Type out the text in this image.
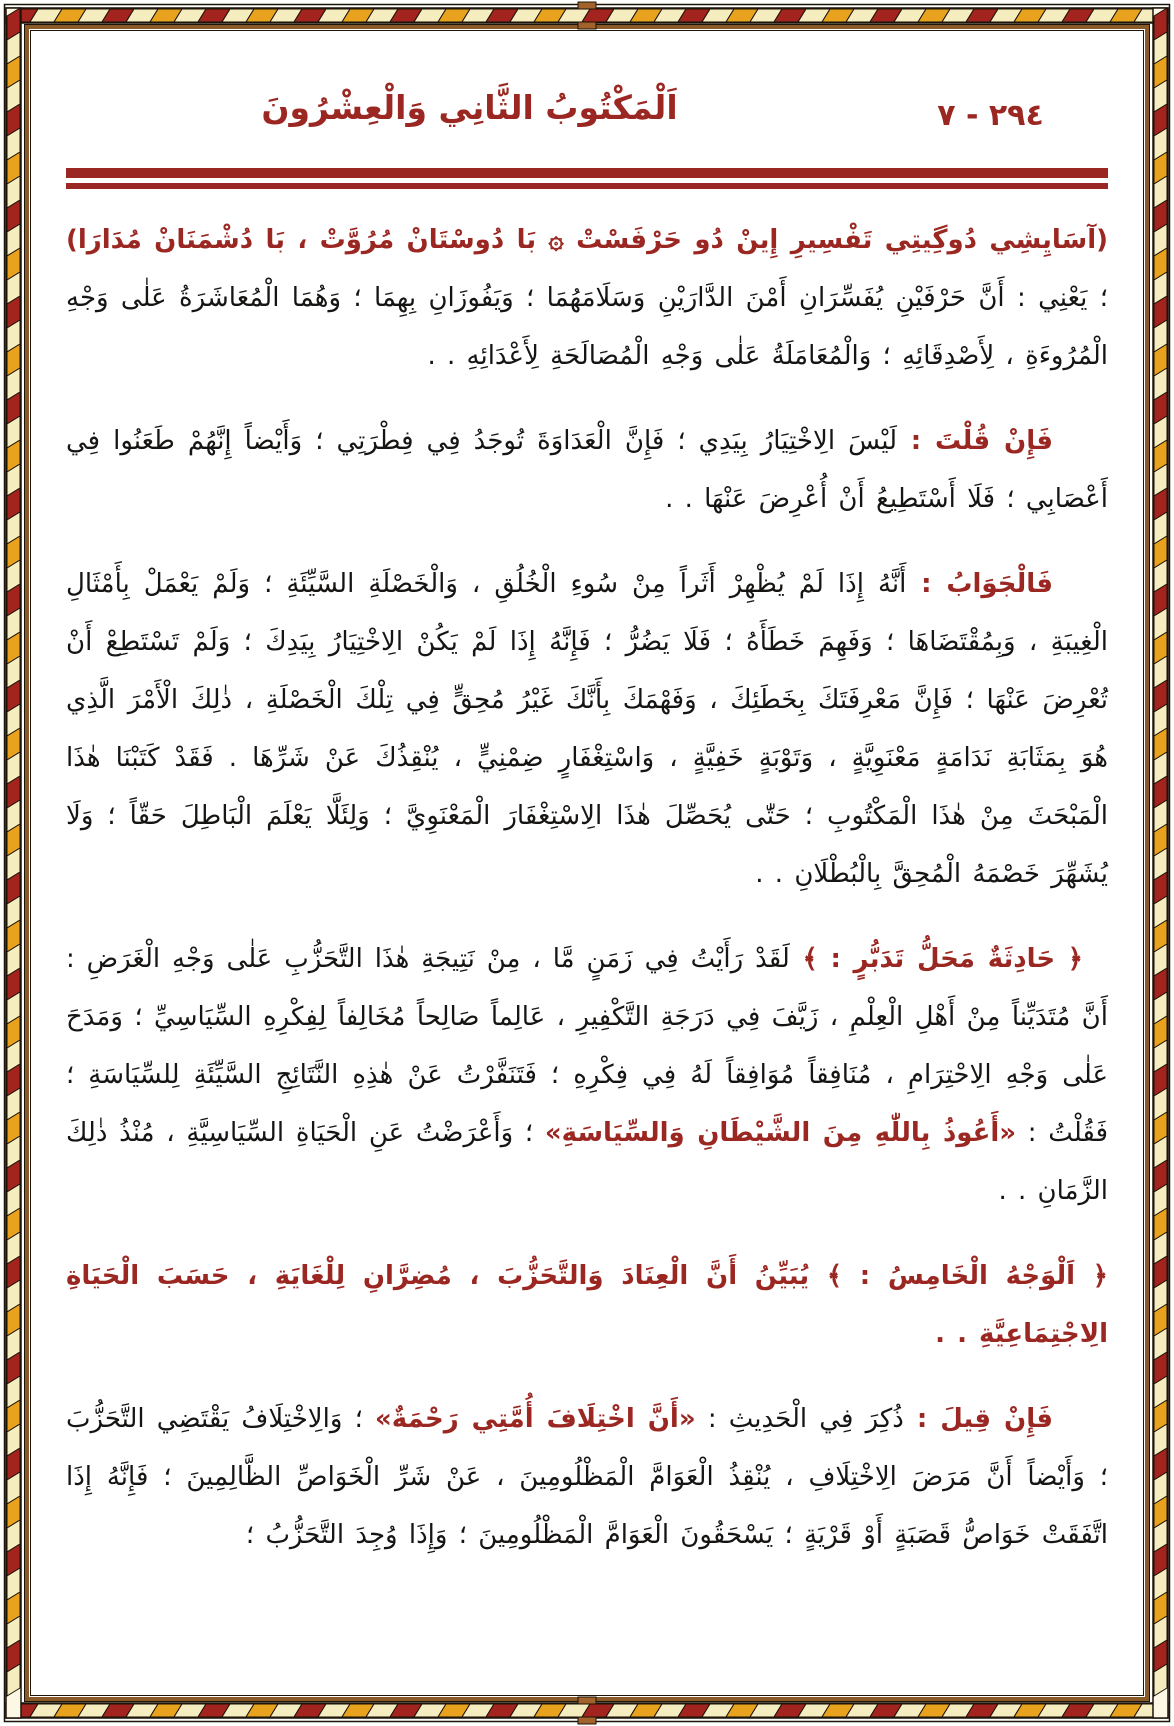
٢٩٤ - ٧
اَلْمَكْتُوبُ الثَّانِي وَالْعِشْرُونَ

(آسَايِشِي دُوگِيتِي تَفْسِيرِ إِينْ دُو حَرْفَسْتْ ۞ بَا دُوسْتَانْ مُرُوَّتْ ، بَا دُشْمَنَانْ مُدَارَا) ؛ يَعْنِي : أَنَّ حَرْفَيْنِ يُفَسِّرَانِ أَمْنَ الدَّارَيْنِ وَسَلَامَهُمَا ؛ وَيَفُوزَانِ بِهِمَا ؛ وَهُمَا الْمُعَاشَرَةُ عَلٰى وَجْهِ الْمُرُوءَةِ ، لِأَصْدِقَائِهِ ؛ وَالْمُعَامَلَةُ عَلٰى وَجْهِ الْمُصَالَحَةِ لِأَعْدَائِهِ . .

فَإِنْ قُلْتَ : لَيْسَ الِاخْتِيَارُ بِيَدِي ؛ فَإِنَّ الْعَدَاوَةَ تُوجَدُ فِي فِطْرَتِي ؛ وَأَيْضاً إِنَّهُمْ طَعَنُوا فِي أَعْصَابِي ؛ فَلَا أَسْتَطِيعُ أَنْ أُعْرِضَ عَنْهَا . .

فَالْجَوَابُ : أَنَّهُ إِذَا لَمْ يُظْهِرْ أَثَراً مِنْ سُوءِ الْخُلُقِ ، وَالْخَصْلَةِ السَّيِّئَةِ ؛ وَلَمْ يَعْمَلْ بِأَمْثَالِ الْغِيبَةِ ، وَبِمُقْتَضَاهَا ؛ وَفَهِمَ خَطَأَهُ ؛ فَلَا يَضُرُّ ؛ فَإِنَّهُ إِذَا لَمْ يَكُنْ الِاخْتِيَارُ بِيَدِكَ ؛ وَلَمْ تَسْتَطِعْ أَنْ تُعْرِضَ عَنْهَا ؛ فَإِنَّ مَعْرِفَتَكَ بِخَطَئِكَ ، وَفَهْمَكَ بِأَنَّكَ غَيْرُ مُحِقٍّ فِي تِلْكَ الْخَصْلَةِ ، ذٰلِكَ الْأَمْرَ الَّذِي هُوَ بِمَثَابَةِ نَدَامَةٍ مَعْنَوِيَّةٍ ، وَتَوْبَةٍ خَفِيَّةٍ ، وَاسْتِغْفَارٍ ضِمْنِيٍّ ، يُنْقِذُكَ عَنْ شَرِّهَا . فَقَدْ كَتَبْنَا هٰذَا الْمَبْحَثَ مِنْ هٰذَا الْمَكْتُوبِ ؛ حَتّٰى يُحَصِّلَ هٰذَا الِاسْتِغْفَارَ الْمَعْنَوِيَّ ؛ وَلِئَلَّا يَعْلَمَ الْبَاطِلَ حَقّاً ؛ وَلَا يُشَهِّرَ خَصْمَهُ الْمُحِقَّ بِالْبُطْلَانِ . .

﴿ حَادِثَةٌ مَحَلُّ تَدَبُّرٍ : ﴾ لَقَدْ رَأَيْتُ فِي زَمَنٍ مَّا ، مِنْ نَتِيجَةِ هٰذَا التَّحَزُّبِ عَلٰى وَجْهِ الْغَرَضِ : أَنَّ مُتَدَيِّناً مِنْ أَهْلِ الْعِلْمِ ، زَيَّفَ فِي دَرَجَةِ التَّكْفِيرِ ، عَالِماً صَالِحاً مُخَالِفاً لِفِكْرِهِ السِّيَاسِيِّ ؛ وَمَدَحَ عَلٰى وَجْهِ الِاحْتِرَامِ ، مُنَافِقاً مُوَافِقاً لَهُ فِي فِكْرِهِ ؛ فَتَنَفَّرْتُ عَنْ هٰذِهِ النَّتَائِجِ السَّيِّئَةِ لِلسِّيَاسَةِ ؛ فَقُلْتُ : «أَعُوذُ بِاللّٰهِ مِنَ الشَّيْطَانِ وَالسِّيَاسَةِ» ؛ وَأَعْرَضْتُ عَنِ الْحَيَاةِ السِّيَاسِيَّةِ ، مُنْذُ ذٰلِكَ الزَّمَانِ . .

﴿ اَلْوَجْهُ الْخَامِسُ : ﴾ يُبَيِّنُ أَنَّ الْعِنَادَ وَالتَّحَزُّبَ ، مُضِرَّانِ لِلْغَايَةِ ، حَسَبَ الْحَيَاةِ الِاجْتِمَاعِيَّةِ . .

فَإِنْ قِيلَ : ذُكِرَ فِي الْحَدِيثِ : «أَنَّ اخْتِلَافَ أُمَّتِي رَحْمَةٌ» ؛ وَالِاخْتِلَافُ يَقْتَضِي التَّحَزُّبَ ؛ وَأَيْضاً أَنَّ مَرَضَ الِاخْتِلَافِ ، يُنْقِذُ الْعَوَامَّ الْمَظْلُومِينَ ، عَنْ شَرِّ الْخَوَاصِّ الظَّالِمِينَ ؛ فَإِنَّهُ إِذَا اتَّفَقَتْ خَوَاصُّ قَصَبَةٍ أَوْ قَرْيَةٍ ؛ يَسْحَقُونَ الْعَوَامَّ الْمَظْلُومِينَ ؛ وَإِذَا وُجِدَ التَّحَزُّبُ ؛
